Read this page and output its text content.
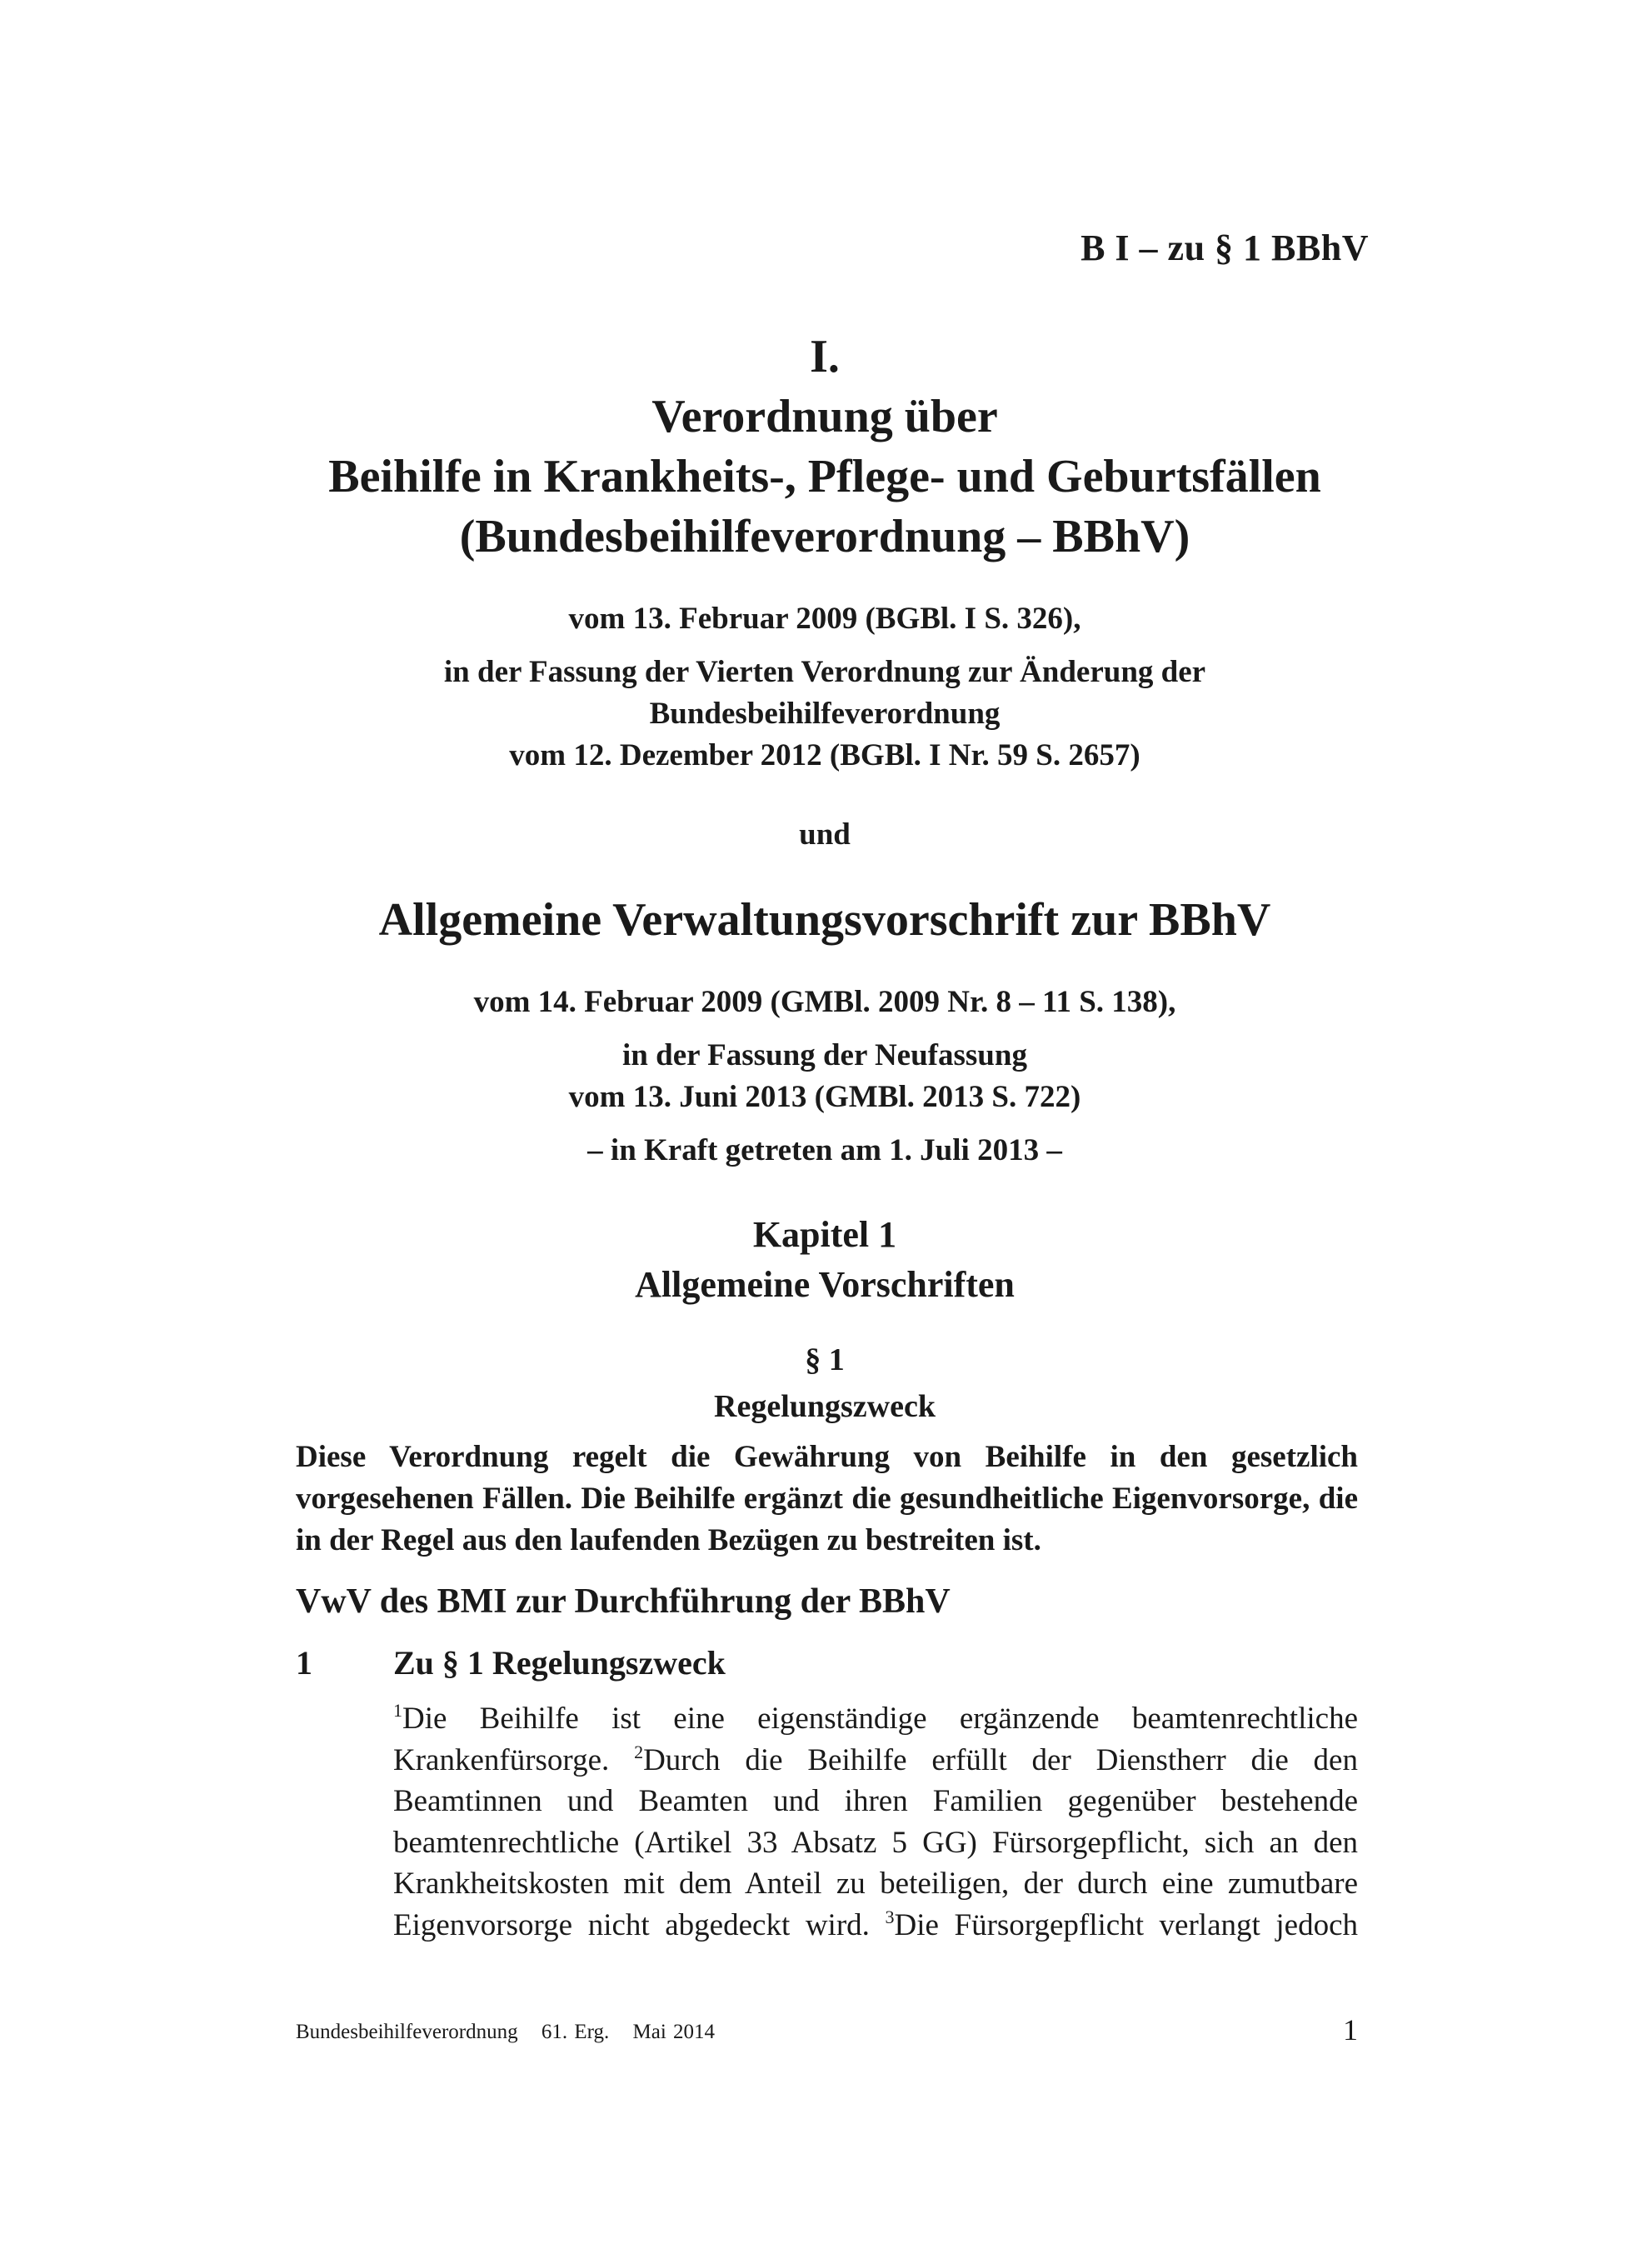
B I – zu § 1 BBhV
I.
Verordnung über
Beihilfe in Krankheits-, Pflege- und Geburtsfällen
(Bundesbeihilfeverordnung – BBhV)
vom 13. Februar 2009 (BGBl. I S. 326),
in der Fassung der Vierten Verordnung zur Änderung der
Bundesbeihilfeverordnung
vom 12. Dezember 2012 (BGBl. I Nr. 59 S. 2657)
und
Allgemeine Verwaltungsvorschrift zur BBhV
vom 14. Februar 2009 (GMBl. 2009 Nr. 8 – 11 S. 138),
in der Fassung der Neufassung
vom 13. Juni 2013 (GMBl. 2013 S. 722)
– in Kraft getreten am 1. Juli 2013 –
Kapitel 1
Allgemeine Vorschriften
§ 1
Regelungszweck
Diese Verordnung regelt die Gewährung von Beihilfe in den gesetzlich vorgesehenen Fällen. Die Beihilfe ergänzt die gesundheitliche Eigenvorsorge, die in der Regel aus den laufenden Bezügen zu bestreiten ist.
VwV des BMI zur Durchführung der BBhV
1 Zu § 1 Regelungszweck
$^1$Die Beihilfe ist eine eigenständige ergänzende beamtenrechtliche Krankenfürsorge. $^2$Durch die Beihilfe erfüllt der Dienstherr die den Beamtinnen und Beamten und ihren Familien gegenüber bestehende beamtenrechtliche (Artikel 33 Absatz 5 GG) Fürsorgepflicht, sich an den Krankheitskosten mit dem Anteil zu beteiligen, der durch eine zumutbare Eigenvorsorge nicht abgedeckt wird. $^3$Die Fürsorgepflicht verlangt jedoch
Bundesbeihilfeverordnung 61. Erg. Mai 2014	1
